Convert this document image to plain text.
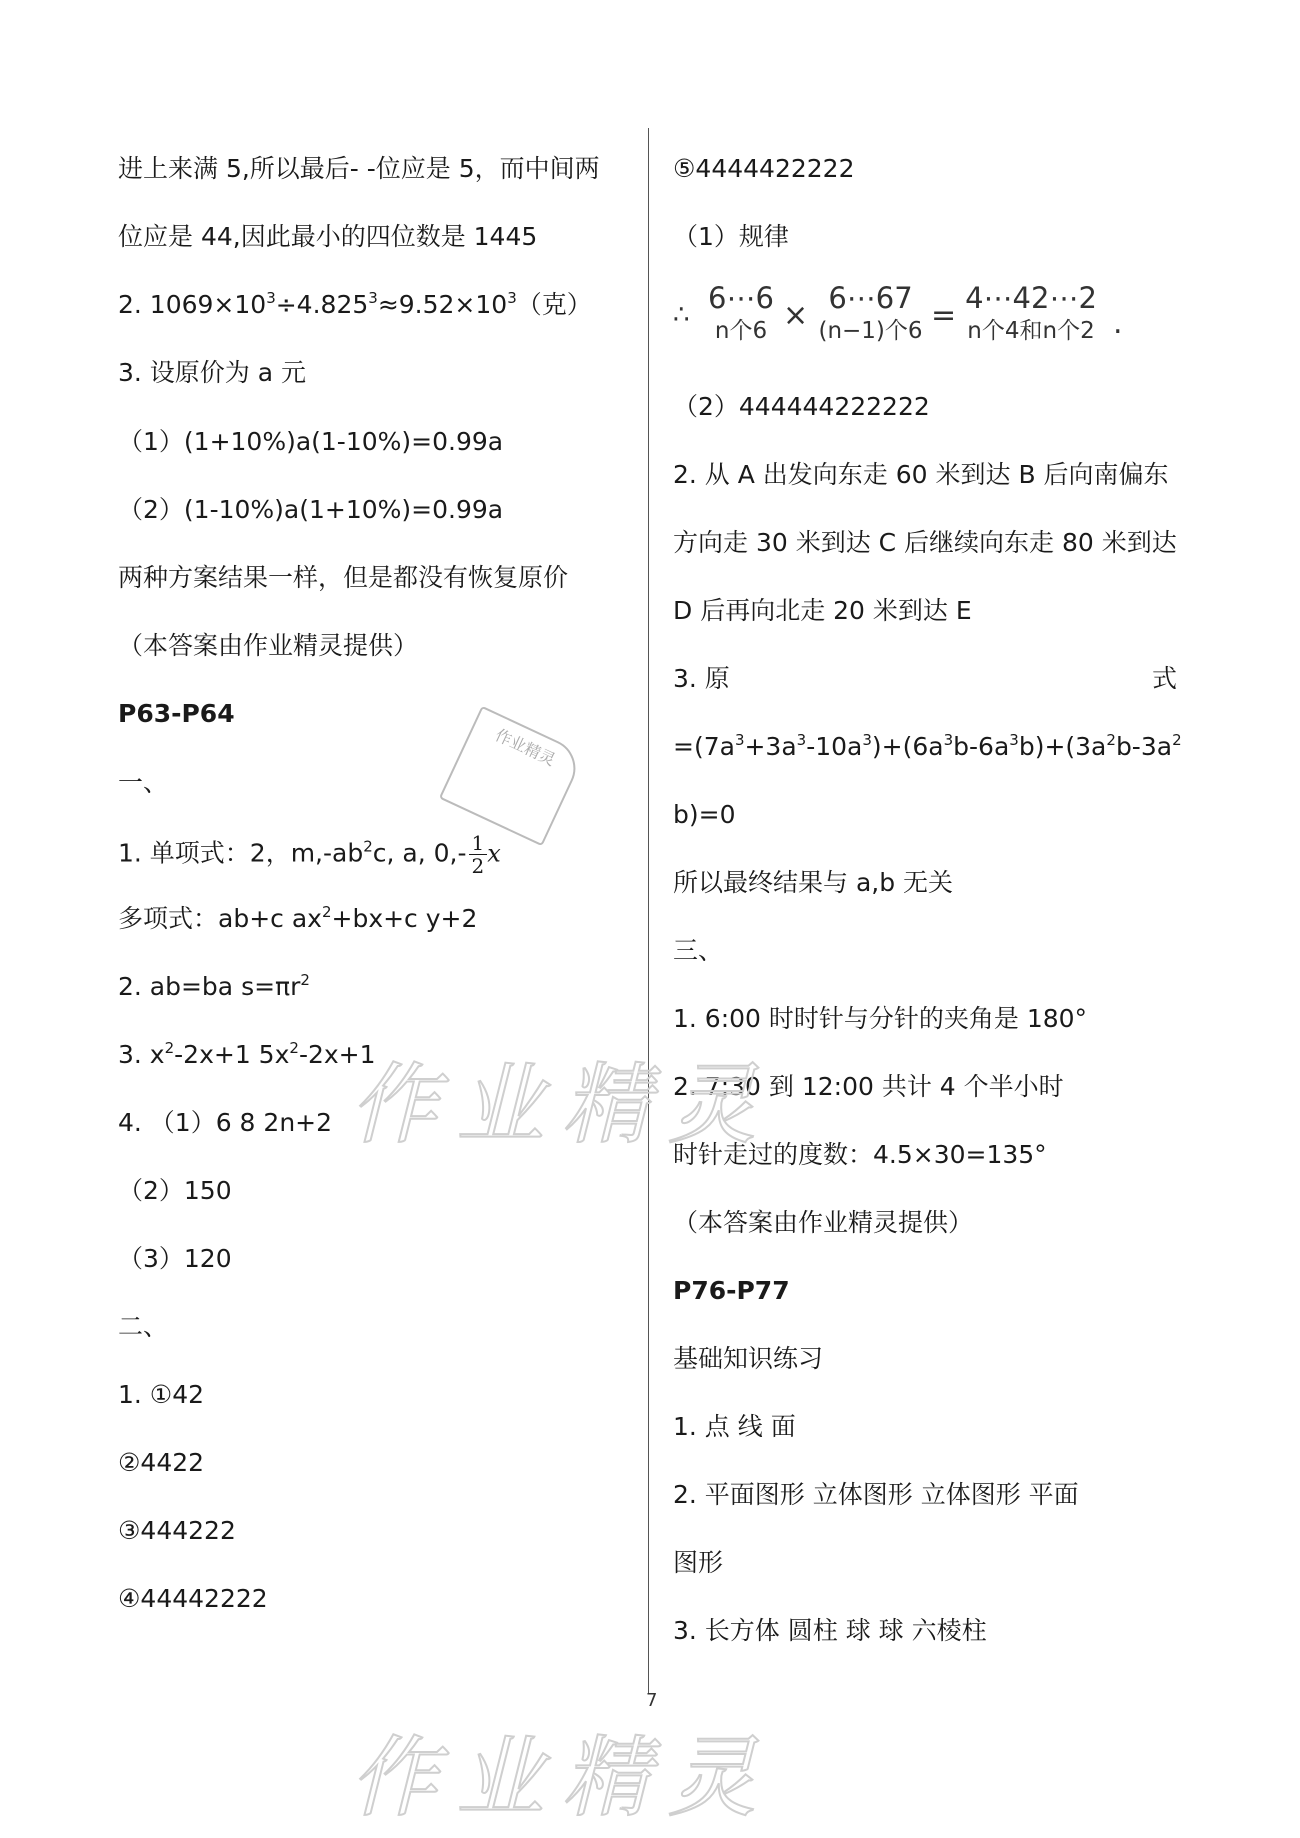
进上来满 5,所以最后- -位应是 5，而中间两
位应是 44,因此最小的四位数是 1445
2. $1069\times 10^3\div 4.825^3\approx 9.52\times 10^3$（克）
3. 设原价为 a 元
（1）(1+10%)a(1-10%)=0.99a
（2）(1-10%)a(1+10%)=0.99a
两种方案结果一样，但是都没有恢复原价
（本答案由作业精灵提供）
P63-P64
一、
1. 单项式：2，$m,-ab^2c$, a, $0,- \frac{1}{2}$ x
多项式：ab+c $ax^2+bx+c$ y+2
2. ab=ba $s=\pi r^2$
3. $x^2-2x+1$ $5x^2-2x+1$
4. （1）6 8 2n+2
（2）150
（3）120
二、
1. ①42
②4422
③444222
④44442222
⑤4444422222
（1）规律
∴ 6⋯6
n个6 × 6⋯67
(n−1)个6 = 4⋯42⋯2
n个4和n个2 .
（2）444444222222
2. 从 A 出发向东走 60 米到达 B 后向南偏东
方向走 30 米到达 C 后继续向东走 80 米到达
D 后再向北走 20 米到达 E
3. 原	式
$=(7a^3+3a^3-10a^3)+(6a^3b-6a^3b)+(3a^2b-3a^2$
b)=0
所以最终结果与 a,b 无关
三、
1. 6:00 时时针与分针的夹角是 180°
2. 7:30 到 12:00 共计 4 个半小时
时针走过的度数：4.5×30=135°
（本答案由作业精灵提供）
P76-P77
基础知识练习
1. 点 线 面
2. 平面图形 立体图形 立体图形 平面
图形
3. 长方体 圆柱 球 球 六棱柱
作业精灵
作业精灵
作业精灵
7
